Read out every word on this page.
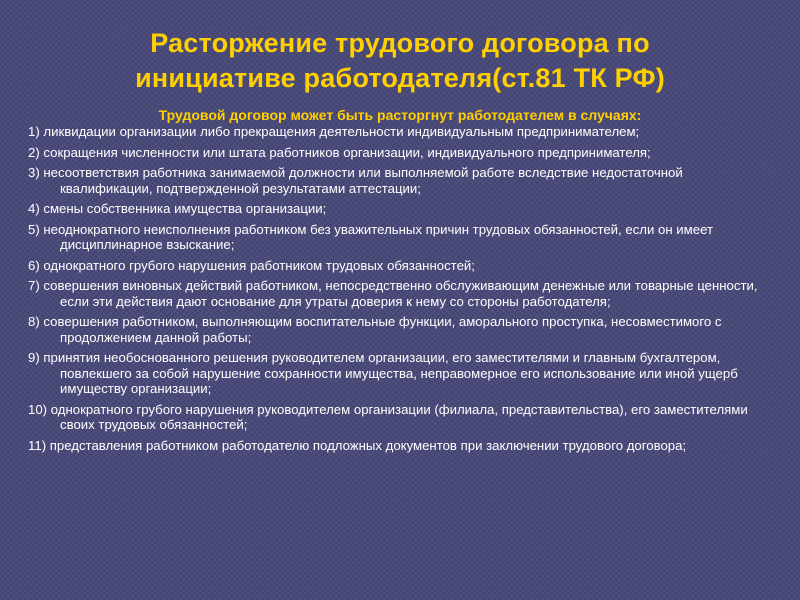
Расторжение трудового договора по
инициативе работодателя(ст.81 ТК РФ)
Трудовой договор может быть расторгнут работодателем в случаях:
1) ликвидации организации либо прекращения деятельности индивидуальным предпринимателем;
2) сокращения численности или штата работников организации, индивидуального предпринимателя;
3) несоответствия работника занимаемой должности или выполняемой работе вследствие недостаточной квалификации, подтвержденной результатами аттестации;
4) смены собственника имущества организации;
5) неоднократного неисполнения работником без уважительных причин трудовых обязанностей, если он имеет дисциплинарное взыскание;
6) однократного грубого нарушения работником трудовых обязанностей;
7) совершения виновных действий работником, непосредственно обслуживающим денежные или товарные ценности, если эти действия дают основание для утраты доверия к нему со стороны работодателя;
8) совершения работником, выполняющим воспитательные функции, аморального проступка, несовместимого с продолжением данной работы;
9) принятия необоснованного решения руководителем организации, его заместителями и главным бухгалтером, повлекшего за собой нарушение сохранности имущества, неправомерное его использование или иной ущерб имуществу организации;
10) однократного грубого нарушения руководителем организации (филиала, представительства), его заместителями своих трудовых обязанностей;
11) представления работником работодателю подложных документов при заключении трудового договора;
